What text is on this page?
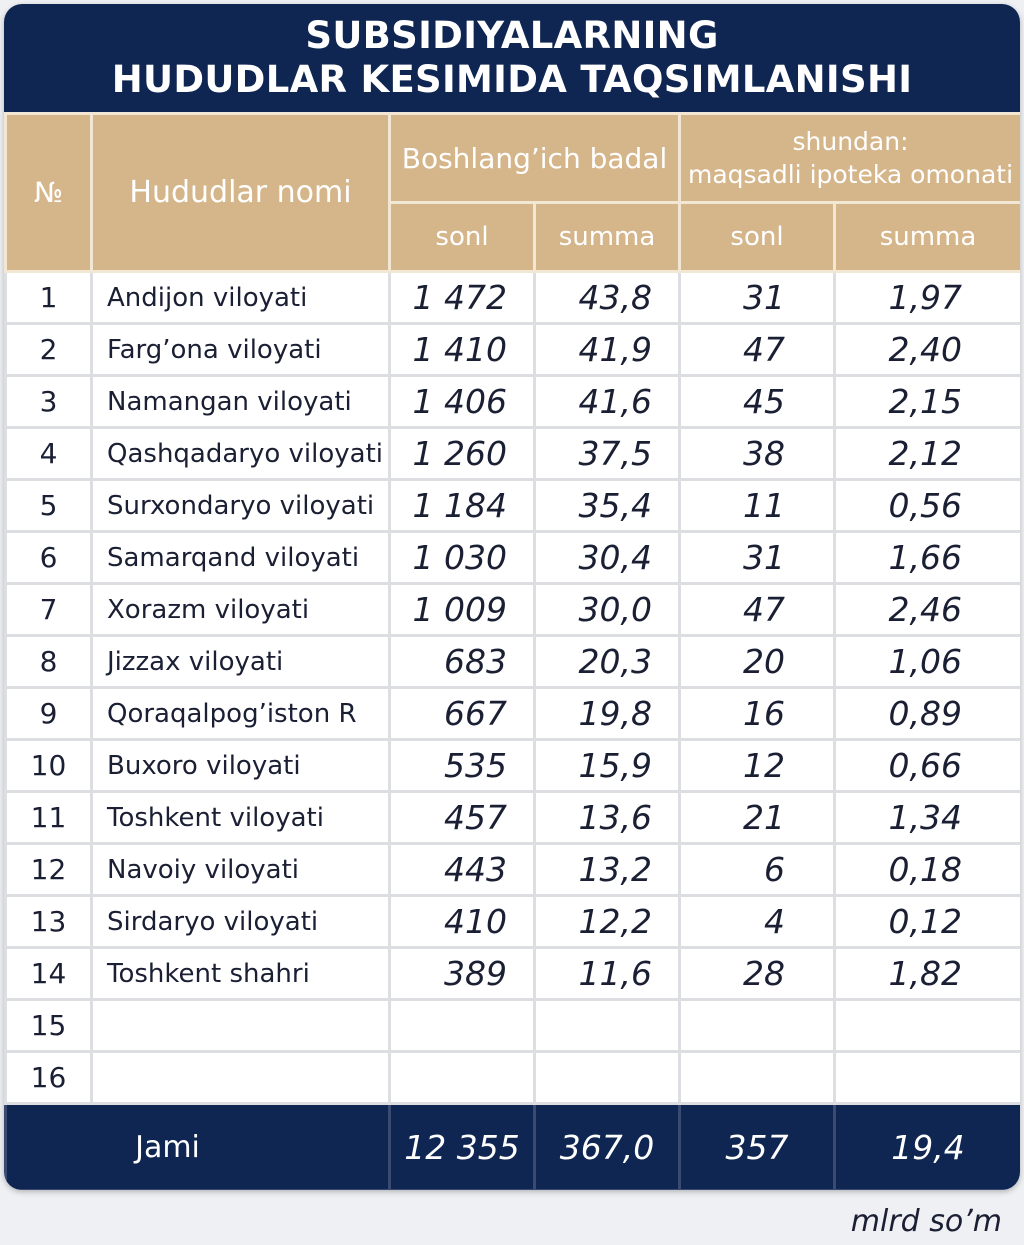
SUBSIDIYALARNING
HUDUDLAR KESIMIDA TAQSIMLANISHI
№	Hududlar nomi	Boshlang’ich badal		shundan:
maqsadli ipoteka omonati	

		sonl	summa	sonl	summa
1	Andijon viloyati	1 472	43,8	31	1,97
2	Farg’ona viloyati	1 410	41,9	47	2,40
3	Namangan viloyati	1 406	41,6	45	2,15
4	Qashqadaryo viloyati	1 260	37,5	38	2,12
5	Surxondaryo viloyati	1 184	35,4	11	0,56
6	Samarqand viloyati	1 030	30,4	31	1,66
7	Xorazm viloyati	1 009	30,0	47	2,46
8	Jizzax viloyati	683	20,3	20	1,06
9	Qoraqalpog’iston R	667	19,8	16	0,89
10	Buxoro viloyati	535	15,9	12	0,66
11	Toshkent viloyati	457	13,6	21	1,34
12	Navoiy viloyati	443	13,2	6	0,18
13	Sirdaryo viloyati	410	12,2	4	0,12
14	Toshkent shahri	389	11,6	28	1,82
15					
16					
Jami		12 355	367,0	357	19,4
mlrd so’m
